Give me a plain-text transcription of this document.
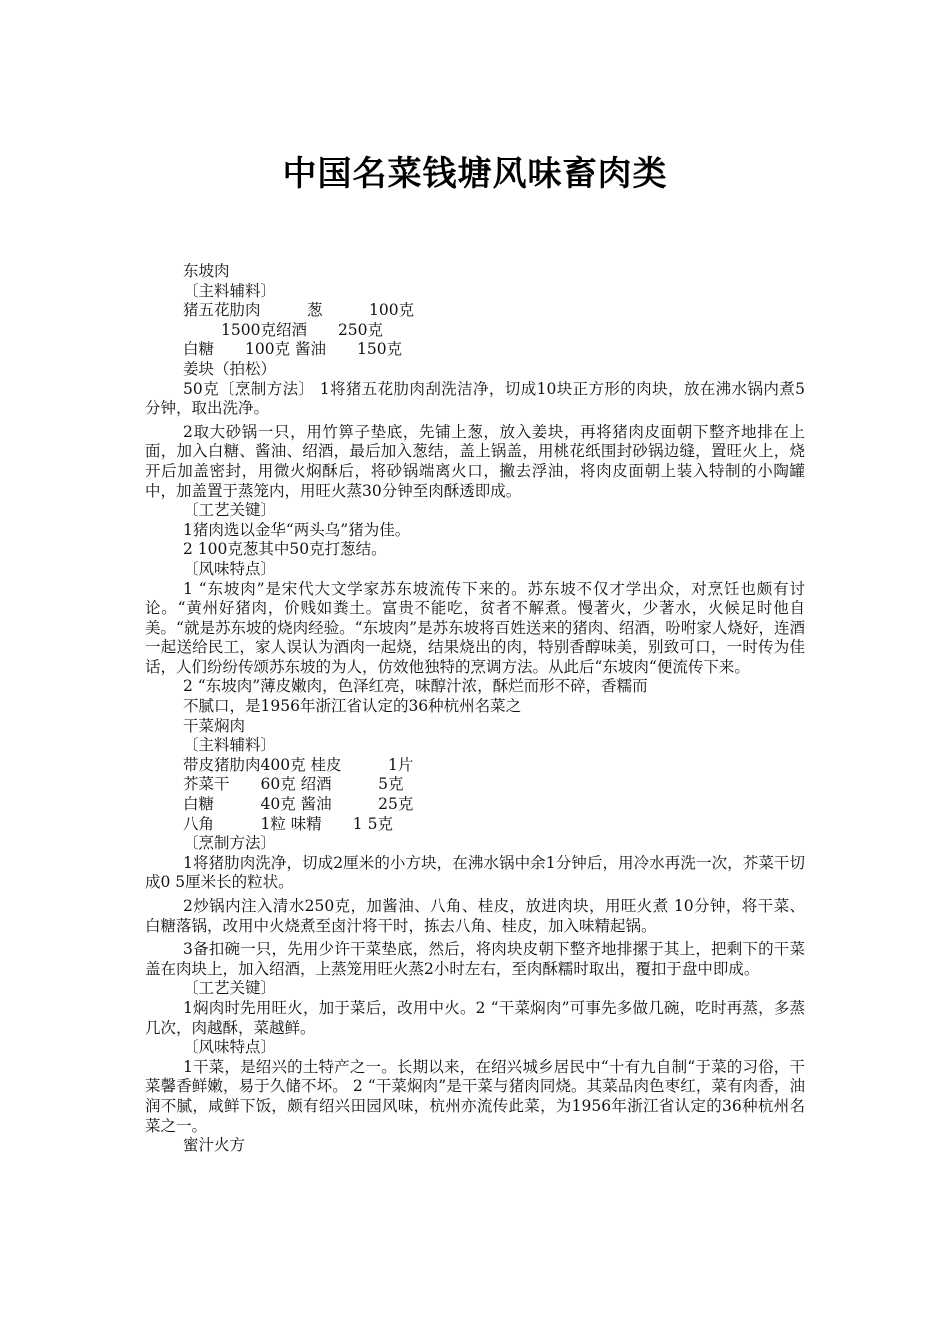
中国名菜钱塘风味畜肉类
东坡肉
〔主料辅料〕
猪五花肋肉　　　葱　　　100克
1500克绍酒　　250克
白糖　　100克 酱油　　150克
姜块（拍松）
50克〔烹制方法〕 1将猪五花肋肉刮洗洁净，切成10块正方形的肉块，放在沸水锅内煮5分钟，取出洗净。
2取大砂锅一只，用竹箅子垫底，先铺上葱，放入姜块，再将猪肉皮面朝下整齐地排在上面，加入白糖、酱油、绍酒，最后加入葱结，盖上锅盖，用桃花纸围封砂锅边缝，置旺火上，烧开后加盖密封，用微火焖酥后，将砂锅端离火口，撇去浮油，将肉皮面朝上装入特制的小陶罐中，加盖置于蒸笼内，用旺火蒸30分钟至肉酥透即成。
〔工艺关键〕
1猪肉选以金华“两头乌”猪为佳。
2 100克葱其中50克打葱结。
〔风味特点〕
1 “东坡肉”是宋代大文学家苏东坡流传下来的。苏东坡不仅才学出众，对烹饪也颇有讨论。“黄州好猪肉，价贱如粪土。富贵不能吃，贫者不解煮。慢著火，少著水，火候足时他自美。“就是苏东坡的烧肉经验。“东坡肉”是苏东坡将百姓送来的猪肉、绍酒，吩咐家人烧好，连酒一起送给民工，家人误认为酒肉一起烧，结果烧出的肉，特别香醇味美，别致可口，一时传为佳话，人们纷纷传颂苏东坡的为人，仿效他独特的烹调方法。从此后“东坡肉“便流传下来。
2 “东坡肉”薄皮嫩肉，色泽红亮，味醇汁浓，酥烂而形不碎，香糯而
不腻口，是1956年浙江省认定的36种杭州名菜之
干菜焖肉
〔主料辅料〕
带皮猪肋肉400克 桂皮　　　1片
芥菜干　　60克 绍酒　　　5克
白糖　　　40克 酱油　　　25克
八角　　　1粒 味精　　1 5克
〔烹制方法〕
1将猪肋肉洗净，切成2厘米的小方块，在沸水锅中余1分钟后，用冷水再洗一次，芥菜干切成0 5厘米长的粒状。
2炒锅内注入清水250克，加酱油、八角、桂皮，放进肉块，用旺火煮 10分钟，将干菜、白糖落锅，改用中火烧煮至卤汁将干时，拣去八角、桂皮，加入味精起锅。
3备扣碗一只，先用少许干菜垫底，然后，将肉块皮朝下整齐地排摞于其上，把剩下的干菜盖在肉块上，加入绍酒，上蒸笼用旺火蒸2小时左右，至肉酥糯时取出，覆扣于盘中即成。
〔工艺关键〕
1焖肉时先用旺火，加于菜后，改用中火。2 “干菜焖肉”可事先多做几碗，吃时再蒸，多蒸几次，肉越酥，菜越鲜。
〔风味特点〕
1干菜，是绍兴的土特产之一。长期以来，在绍兴城乡居民中“十有九自制“于菜的习俗，干菜馨香鲜嫩，易于久储不坏。 2 “干菜焖肉”是干菜与猪肉同烧。其菜品肉色枣红，菜有肉香，油润不腻，咸鲜下饭，颇有绍兴田园风味，杭州亦流传此菜，为1956年浙江省认定的36种杭州名菜之一。
蜜汁火方
